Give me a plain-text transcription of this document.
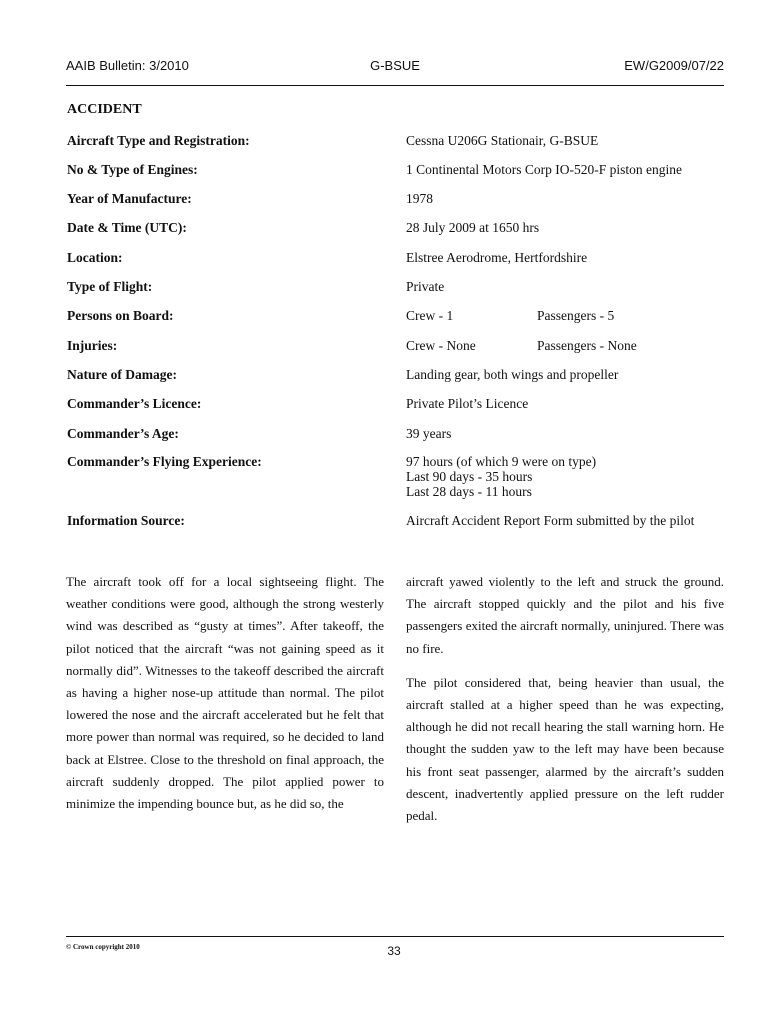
AAIB Bulletin: 3/2010	G-BSUE	EW/G2009/07/22
ACCIDENT
Aircraft Type and Registration:	Cessna U206G Stationair, G-BSUE
No & Type of Engines:	1 Continental Motors Corp IO-520-F piston engine
Year of Manufacture:	1978
Date & Time (UTC):	28 July 2009 at 1650 hrs
Location:	Elstree Aerodrome, Hertfordshire
Type of Flight:	Private
Persons on Board:	Crew - 1	Passengers - 5
Injuries:	Crew - None	Passengers - None
Nature of Damage:	Landing gear, both wings and propeller
Commander’s Licence:	Private Pilot’s Licence
Commander’s Age:	39 years
Commander’s Flying Experience:	97 hours (of which 9 were on type)
Last 90 days - 35 hours
Last 28 days - 11 hours
Information Source:	Aircraft Accident Report Form submitted by the pilot

The aircraft took off for a local sightseeing flight. The weather conditions were good, although the strong westerly wind was described as “gusty at times”. After takeoff, the pilot noticed that the aircraft “was not gaining speed as it normally did”. Witnesses to the takeoff described the aircraft as having a higher nose-up attitude than normal. The pilot lowered the nose and the aircraft accelerated but he felt that more power than normal was required, so he decided to land back at Elstree. Close to the threshold on final approach, the aircraft suddenly dropped. The pilot applied power to minimize the impending bounce but, as he did so, the

aircraft yawed violently to the left and struck the ground. The aircraft stopped quickly and the pilot and his five passengers exited the aircraft normally, uninjured. There was no fire.

The pilot considered that, being heavier than usual, the aircraft stalled at a higher speed than he was expecting, although he did not recall hearing the stall warning horn. He thought the sudden yaw to the left may have been because his front seat passenger, alarmed by the aircraft’s sudden descent, inadvertently applied pressure on the left rudder pedal.

© Crown copyright 2010	33
